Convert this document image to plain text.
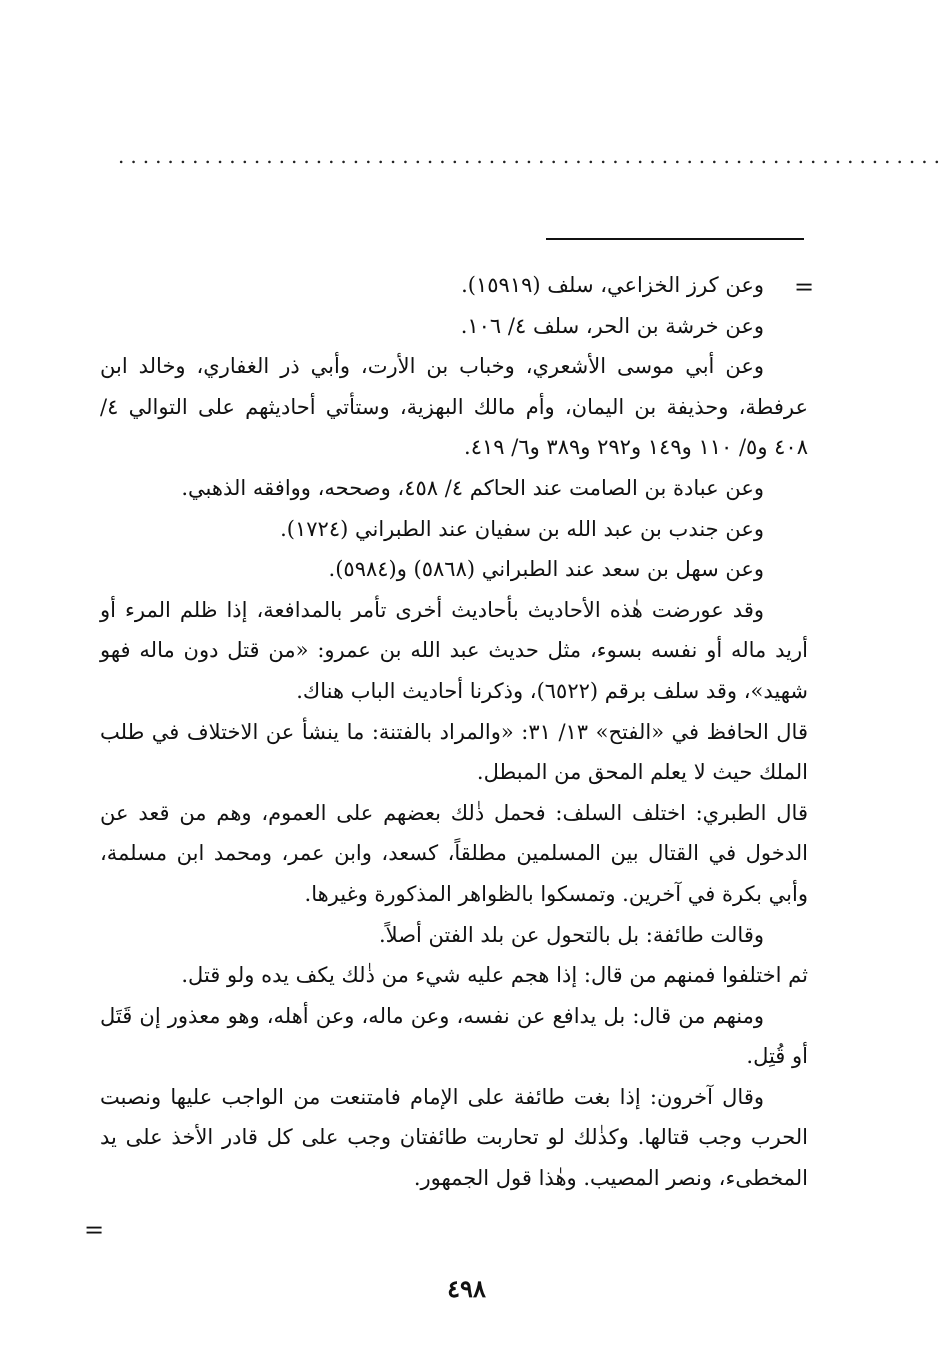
...................................................................
=

وعن كرز الخزاعي، سلف (١٥٩١٩).

وعن خرشة بن الحر، سلف ٤/ ١٠٦.

وعن أبي موسى الأشعري، وخباب بن الأرت، وأبي ذر الغفاري، وخالد ابن عرفطة، وحذيفة بن اليمان، وأم مالك البهزية، وستأتي أحاديثهم على التوالي ٤/ ٤٠٨ و٥/ ١١٠ و١٤٩ و٢٩٢ و٣٨٩ و٦/ ٤١٩.

وعن عبادة بن الصامت عند الحاكم ٤/ ٤٥٨، وصححه، ووافقه الذهبي.

وعن جندب بن عبد الله بن سفيان عند الطبراني (١٧٢٤).

وعن سهل بن سعد عند الطبراني (٥٨٦٨) و(٥٩٨٤).

وقد عورضت هٰذه الأحاديث بأحاديث أخرى تأمر بالمدافعة، إذا ظلم المرء أو أريد ماله أو نفسه بسوء، مثل حديث عبد الله بن عمرو: «من قتل دون ماله فهو شهيد»، وقد سلف برقم (٦٥٢٢)، وذكرنا أحاديث الباب هناك.

قال الحافظ في «الفتح» ١٣/ ٣١: «والمراد بالفتنة: ما ينشأ عن الاختلاف في طلب الملك حيث لا يعلم المحق من المبطل.

قال الطبري: اختلف السلف: فحمل ذٰلك بعضهم على العموم، وهم من قعد عن الدخول في القتال بين المسلمين مطلقاً، كسعد، وابن عمر، ومحمد ابن مسلمة، وأبي بكرة في آخرين. وتمسكوا بالظواهر المذكورة وغيرها.

وقالت طائفة: بل بالتحول عن بلد الفتن أصلاً.

ثم اختلفوا فمنهم من قال: إذا هجم عليه شيء من ذٰلك يكف يده ولو قتل.

ومنهم من قال: بل يدافع عن نفسه، وعن ماله، وعن أهله، وهو معذور إن قَتَل أو قُتِل.

وقال آخرون: إذا بغت طائفة على الإمام فامتنعت من الواجب عليها ونصبت الحرب وجب قتالها. وكذٰلك لو تحاربت طائفتان وجب على كل قادر الأخذ على يد المخطىء، ونصر المصيب. وهٰذا قول الجمهور.

=
٤٩٨
